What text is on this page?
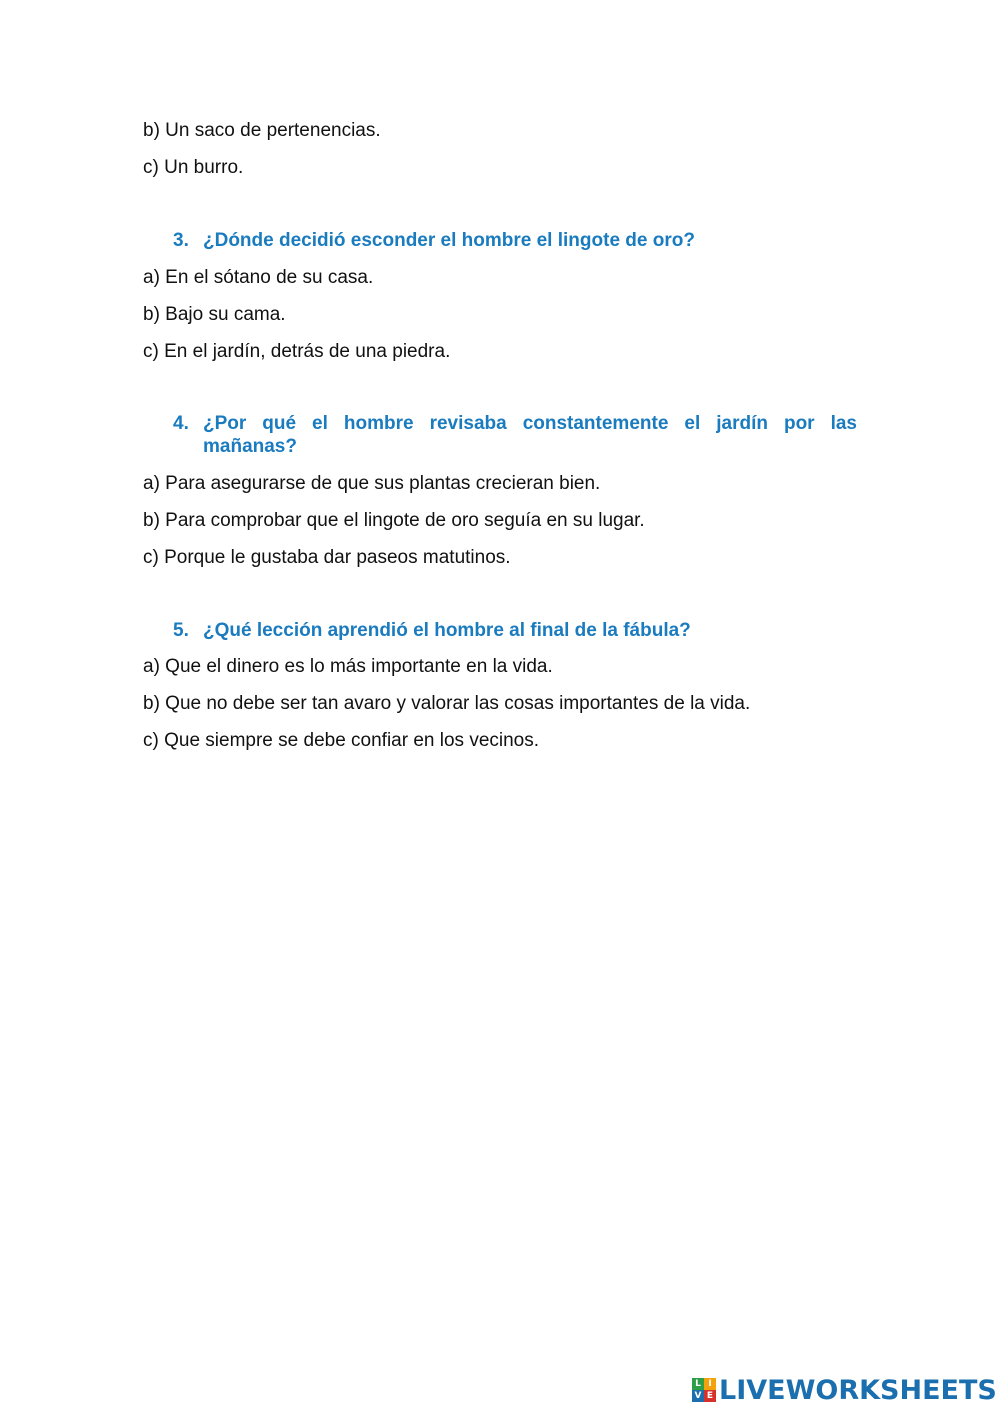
b) Un saco de pertenencias.
c) Un burro.
3. ¿Dónde decidió esconder el hombre el lingote de oro?
a) En el sótano de su casa.
b) Bajo su cama.
c) En el jardín, detrás de una piedra.
4. ¿Por qué el hombre revisaba constantemente el jardín por las
mañanas?
a) Para asegurarse de que sus plantas crecieran bien.
b) Para comprobar que el lingote de oro seguía en su lugar.
c) Porque le gustaba dar paseos matutinos.
5. ¿Qué lección aprendió el hombre al final de la fábula?
a) Que el dinero es lo más importante en la vida.
b) Que no debe ser tan avaro y valorar las cosas importantes de la vida.
c) Que siempre se debe confiar en los vecinos.
L I
V E LIVEWORKSHEETS
